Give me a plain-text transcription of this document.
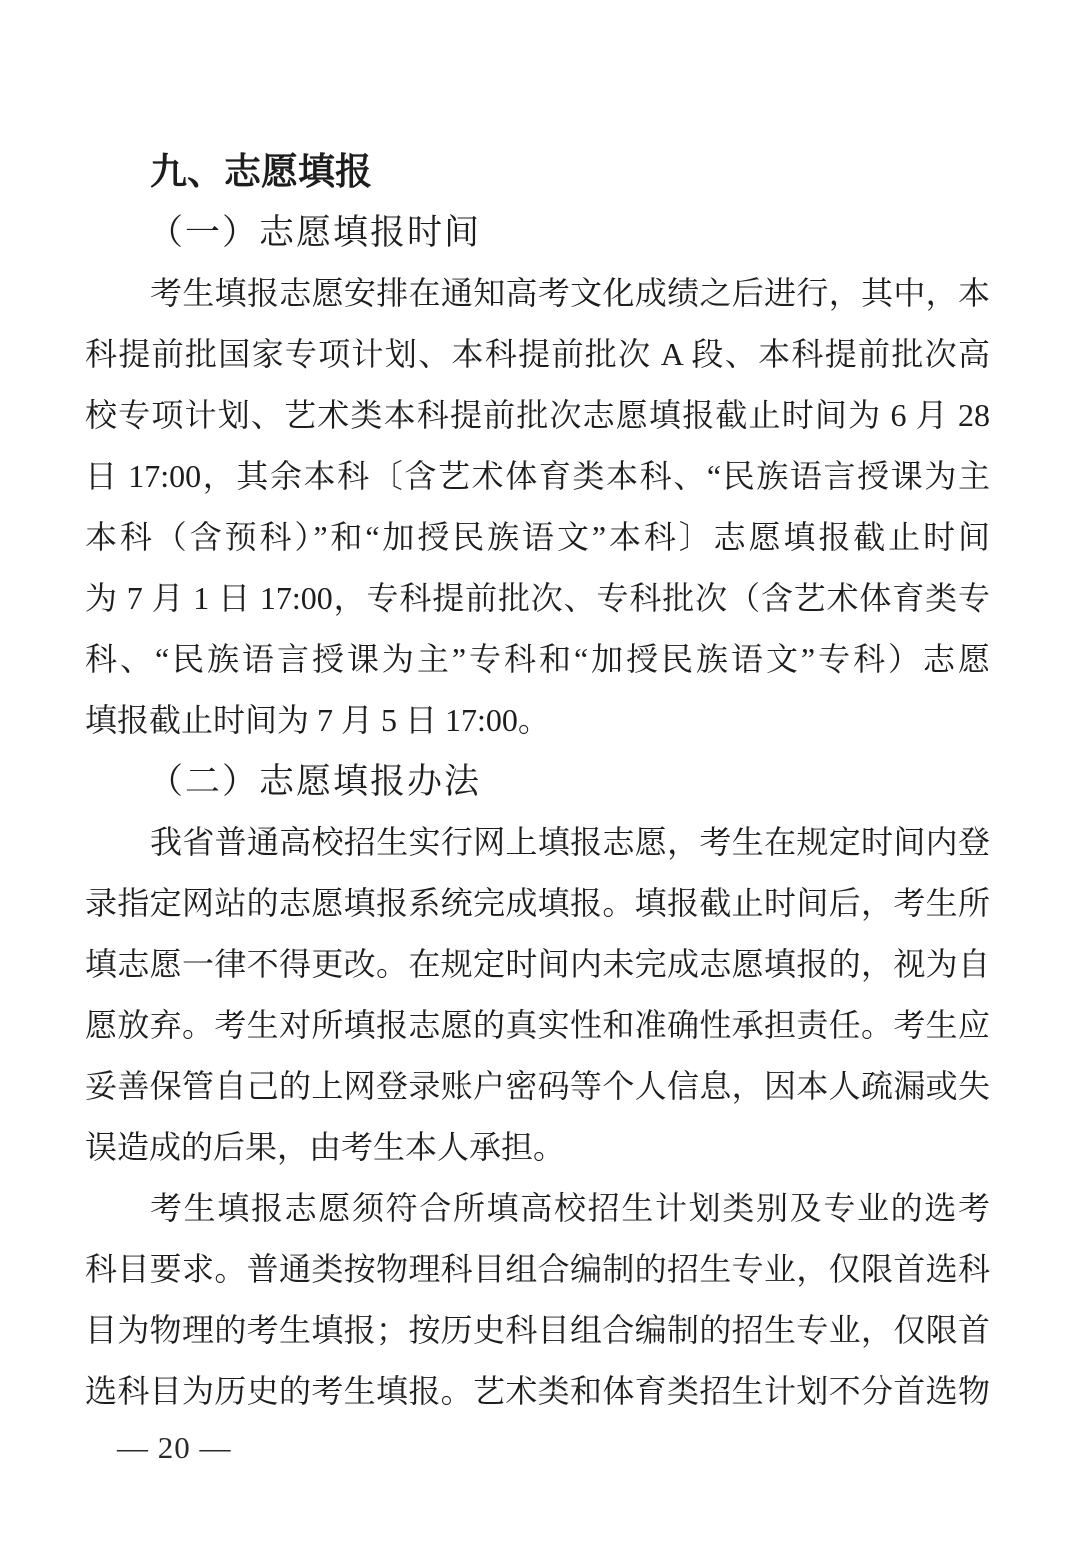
九、志愿填报
（一）志愿填报时间
考生填报志愿安排在通知高考文化成绩之后进行，其中，本
科提前批国家专项计划、本科提前批次 A 段、本科提前批次高
校专项计划、艺术类本科提前批次志愿填报截止时间为 6 月 28
日 17:00，其余本科〔含艺术体育类本科、“民族语言授课为主
本科（含预科）”和“加授民族语文”本科〕志愿填报截止时间
为 7 月 1 日 17:00，专科提前批次、专科批次（含艺术体育类专
科、“民族语言授课为主”专科和“加授民族语文”专科）志愿
填报截止时间为 7 月 5 日 17:00。
（二）志愿填报办法
我省普通高校招生实行网上填报志愿，考生在规定时间内登
录指定网站的志愿填报系统完成填报。填报截止时间后，考生所
填志愿一律不得更改。在规定时间内未完成志愿填报的，视为自
愿放弃。考生对所填报志愿的真实性和准确性承担责任。考生应
妥善保管自己的上网登录账户密码等个人信息，因本人疏漏或失
误造成的后果，由考生本人承担。
考生填报志愿须符合所填高校招生计划类别及专业的选考
科目要求。普通类按物理科目组合编制的招生专业，仅限首选科
目为物理的考生填报；按历史科目组合编制的招生专业，仅限首
选科目为历史的考生填报。艺术类和体育类招生计划不分首选物
— 20 —
